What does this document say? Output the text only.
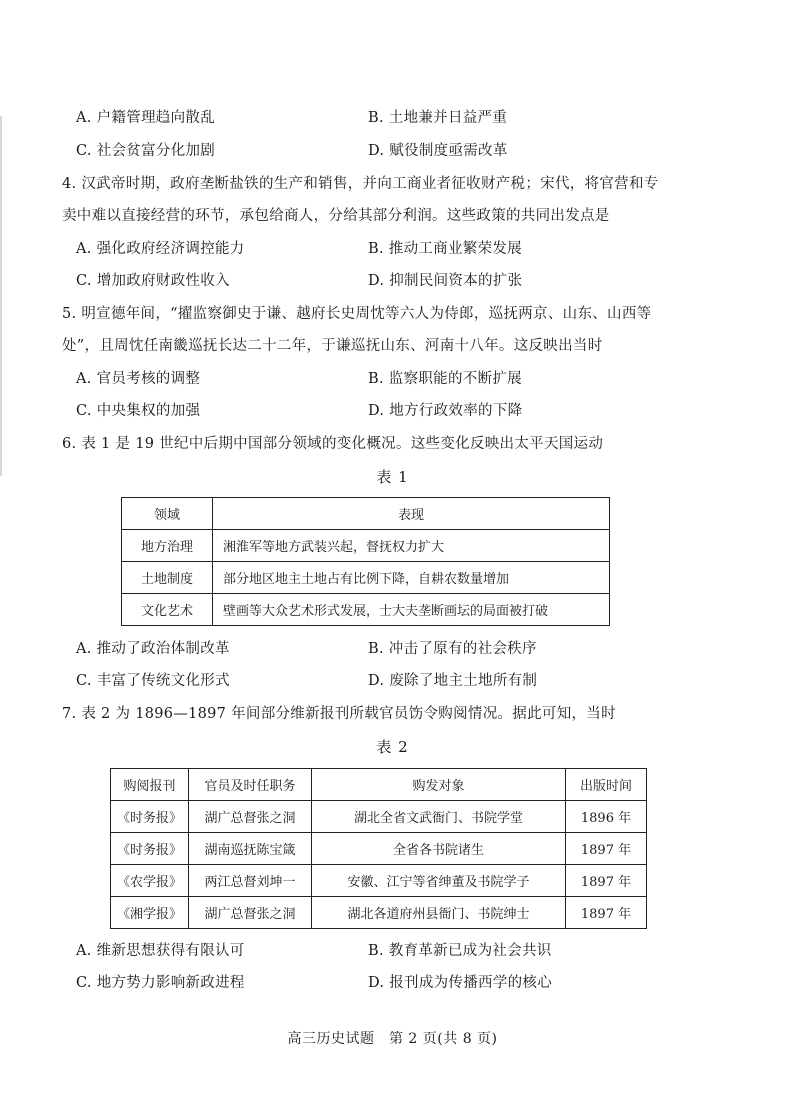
A. 户籍管理趋向散乱	B. 土地兼并日益严重
C. 社会贫富分化加剧	D. 赋役制度亟需改革
4. 汉武帝时期，政府垄断盐铁的生产和销售，并向工商业者征收财产税；宋代，将官营和专
卖中难以直接经营的环节，承包给商人，分给其部分利润。这些政策的共同出发点是
A. 强化政府经济调控能力	B. 推动工商业繁荣发展
C. 增加政府财政性收入	D. 抑制民间资本的扩张
5. 明宣德年间，“擢监察御史于谦、越府长史周忱等六人为侍郎，巡抚两京、山东、山西等
处”，且周忱任南畿巡抚长达二十二年，于谦巡抚山东、河南十八年。这反映出当时
A. 官员考核的调整	B. 监察职能的不断扩展
C. 中央集权的加强	D. 地方行政效率的下降
6. 表 1 是 19 世纪中后期中国部分领域的变化概况。这些变化反映出太平天国运动
表 1
领域	表现
地方治理	湘淮军等地方武装兴起，督抚权力扩大
土地制度	部分地区地主土地占有比例下降，自耕农数量增加
文化艺术	壁画等大众艺术形式发展，士大夫垄断画坛的局面被打破
A. 推动了政治体制改革	B. 冲击了原有的社会秩序
C. 丰富了传统文化形式	D. 废除了地主土地所有制
7. 表 2 为 1896—1897 年间部分维新报刊所载官员饬令购阅情况。据此可知，当时
表 2
购阅报刊	官员及时任职务	购发对象	出版时间
《时务报》	湖广总督张之洞	湖北全省文武衙门、书院学堂	1896 年
《时务报》	湖南巡抚陈宝箴	全省各书院诸生	1897 年
《农学报》	两江总督刘坤一	安徽、江宁等省绅董及书院学子	1897 年
《湘学报》	湖广总督张之洞	湖北各道府州县衙门、书院绅士	1897 年
A. 维新思想获得有限认可	B. 教育革新已成为社会共识
C. 地方势力影响新政进程	D. 报刊成为传播西学的核心
高三历史试题　第 2 页(共 8 页)
